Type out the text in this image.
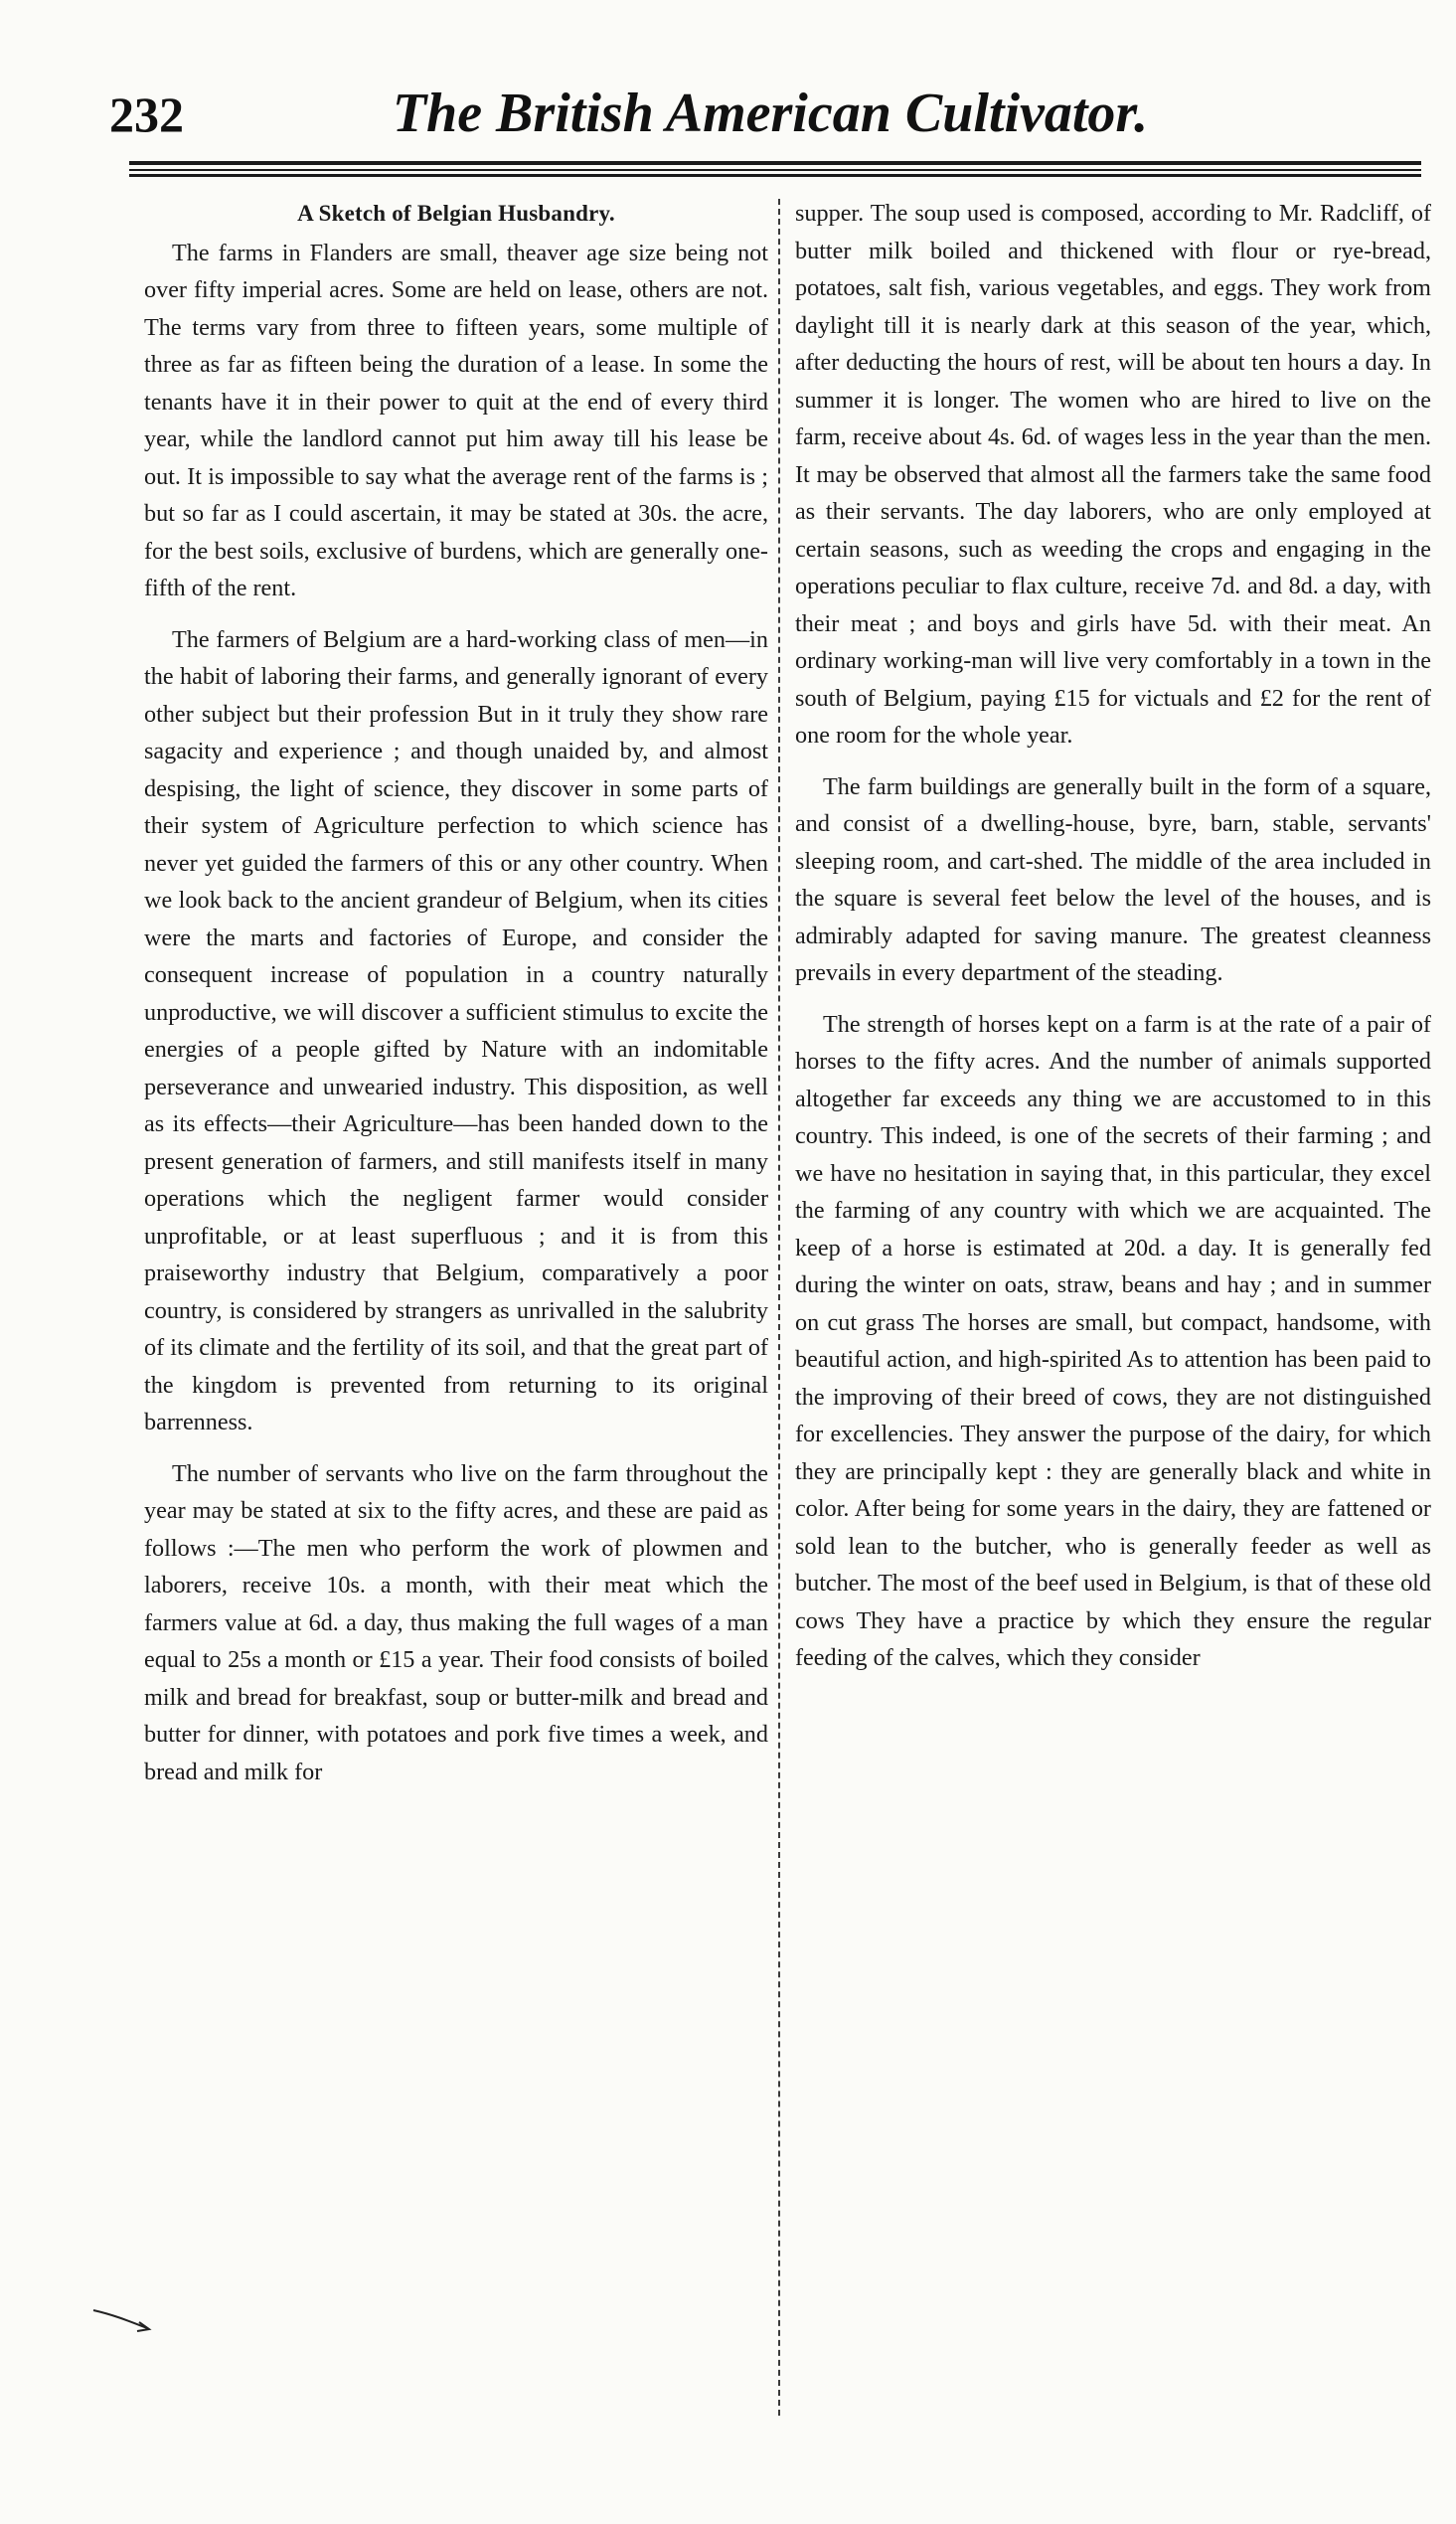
232	The British American Cultivator.
A Sketch of Belgian Husbandry.

The farms in Flanders are small, theaver age size being not over fifty imperial acres. Some are held on lease, others are not. The terms vary from three to fifteen years, some multiple of three as far as fifteen being the duration of a lease. In some the tenants have it in their power to quit at the end of every third year, while the landlord cannot put him away till his lease be out. It is impossible to say what the average rent of the farms is ; but so far as I could ascertain, it may be stated at 30s. the acre, for the best soils, exclusive of burdens, which are generally one-fifth of the rent.

The farmers of Belgium are a hard-working class of men—in the habit of laboring their farms, and generally ignorant of every other subject but their profession But in it truly they show rare sagacity and experience ; and though unaided by, and almost despising, the light of science, they discover in some parts of their system of Agriculture perfection to which science has never yet guided the farmers of this or any other country. When we look back to the ancient grandeur of Belgium, when its cities were the marts and factories of Europe, and consider the consequent increase of population in a country naturally unproductive, we will discover a sufficient stimulus to excite the energies of a people gifted by Nature with an indomitable perseverance and unwearied industry. This disposition, as well as its effects—their Agriculture—has been handed down to the present generation of farmers, and still manifests itself in many operations which the negligent farmer would consider unprofitable, or at least superfluous ; and it is from this praiseworthy industry that Belgium, comparatively a poor country, is considered by strangers as unrivalled in the salubrity of its climate and the fertility of its soil, and that the great part of the kingdom is prevented from returning to its original barrenness.

The number of servants who live on the farm throughout the year may be stated at six to the fifty acres, and these are paid as follows :—The men who perform the work of plowmen and laborers, receive 10s. a month, with their meat which the farmers value at 6d. a day, thus making the full wages of a man equal to 25s a month or £15 a year. Their food consists of boiled milk and bread for breakfast, soup or butter-milk and bread and butter for dinner, with potatoes and pork five times a week, and bread and milk for

supper. The soup used is composed, according to Mr. Radcliff, of butter milk boiled and thickened with flour or rye-bread, potatoes, salt fish, various vegetables, and eggs. They work from daylight till it is nearly dark at this season of the year, which, after deducting the hours of rest, will be about ten hours a day. In summer it is longer. The women who are hired to live on the farm, receive about 4s. 6d. of wages less in the year than the men. It may be observed that almost all the farmers take the same food as their servants. The day laborers, who are only employed at certain seasons, such as weeding the crops and engaging in the operations peculiar to flax culture, receive 7d. and 8d. a day, with their meat ; and boys and girls have 5d. with their meat. An ordinary working-man will live very comfortably in a town in the south of Belgium, paying £15 for victuals and £2 for the rent of one room for the whole year.

The farm buildings are generally built in the form of a square, and consist of a dwelling-house, byre, barn, stable, servants' sleeping room, and cart-shed. The middle of the area included in the square is several feet below the level of the houses, and is admirably adapted for saving manure. The greatest cleanness prevails in every department of the steading.

The strength of horses kept on a farm is at the rate of a pair of horses to the fifty acres. And the number of animals supported altogether far exceeds any thing we are accustomed to in this country. This indeed, is one of the secrets of their farming ; and we have no hesitation in saying that, in this particular, they excel the farming of any country with which we are acquainted. The keep of a horse is estimated at 20d. a day. It is generally fed during the winter on oats, straw, beans and hay ; and in summer on cut grass The horses are small, but compact, handsome, with beautiful action, and high-spirited As to attention has been paid to the improving of their breed of cows, they are not distinguished for excellencies. They answer the purpose of the dairy, for which they are principally kept : they are generally black and white in color. After being for some years in the dairy, they are fattened or sold lean to the butcher, who is generally feeder as well as butcher. The most of the beef used in Belgium, is that of these old cows They have a practice by which they ensure the regular feeding of the calves, which they consider
